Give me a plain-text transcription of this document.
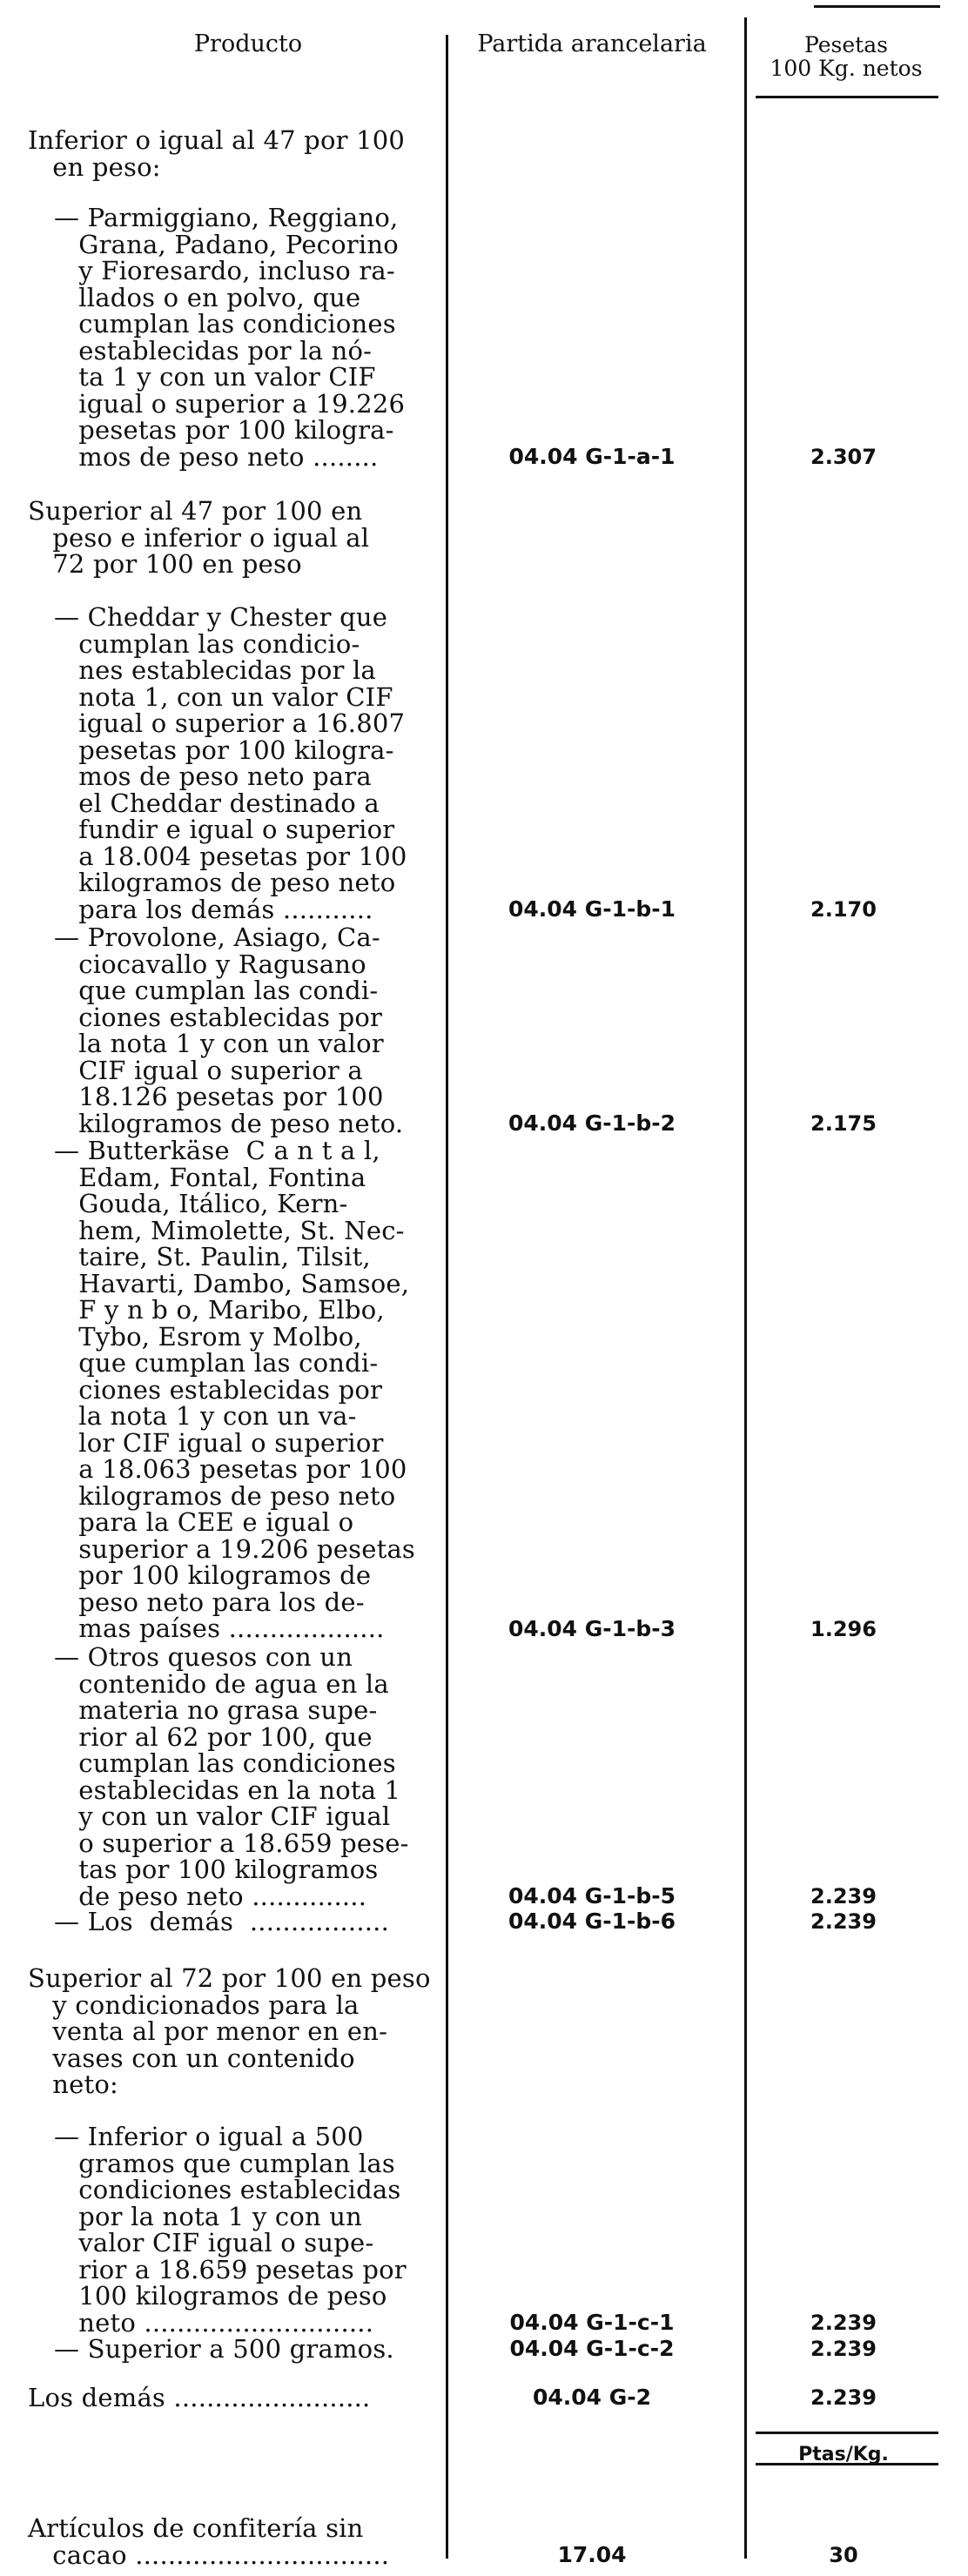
Producto	Partida arancelaria	Pesetas
100 Kg. netos
Inferior o igual al 47 por 100
en peso:
— Parmiggiano, Reggiano,
Grana, Padano, Pecorino
y Fioresardo, incluso ra-
llados o en polvo, que
cumplan las condiciones
establecidas por la nó-
ta 1 y con un valor CIF
igual o superior a 19.226
pesetas por 100 kilogra-
mos de peso neto ........	04.04 G-1-a-1	2.307
Superior al 47 por 100 en
peso e inferior o igual al
72 por 100 en peso
— Cheddar y Chester que
cumplan las condicio-
nes establecidas por la
nota 1, con un valor CIF
igual o superior a 16.807
pesetas por 100 kilogra-
mos de peso neto para
el Cheddar destinado a
fundir e igual o superior
a 18.004 pesetas por 100
kilogramos de peso neto
para los demás ...........	04.04 G-1-b-1	2.170
— Provolone, Asiago, Ca-
ciocavallo y Ragusano
que cumplan las condi-
ciones establecidas por
la nota 1 y con un valor
CIF igual o superior a
18.126 pesetas por 100
kilogramos de peso neto.	04.04 G-1-b-2	2.175
— Butterkäse  C a n t a l,
Edam, Fontal, Fontina
Gouda, Itálico, Kern-
hem, Mimolette, St. Nec-
taire, St. Paulin, Tilsit,
Havarti, Dambo, Samsoe,
F y n b o, Maribo, Elbo,
Tybo, Esrom y Molbo,
que cumplan las condi-
ciones establecidas por
la nota 1 y con un va-
lor CIF igual o superior
a 18.063 pesetas por 100
kilogramos de peso neto
para la CEE e igual o
superior a 19.206 pesetas
por 100 kilogramos de
peso neto para los de-
mas países ...................	04.04 G-1-b-3	1.296
— Otros quesos con un
contenido de agua en la
materia no grasa supe-
rior al 62 por 100, que
cumplan las condiciones
establecidas en la nota 1
y con un valor CIF igual
o superior a 18.659 pese-
tas por 100 kilogramos
de peso neto ..............	04.04 G-1-b-5	2.239
— Los  demás  .................	04.04 G-1-b-6	2.239
Superior al 72 por 100 en peso
y condicionados para la
venta al por menor en en-
vases con un contenido
neto:
— Inferior o igual a 500
gramos que cumplan las
condiciones establecidas
por la nota 1 y con un
valor CIF igual o supe-
rior a 18.659 pesetas por
100 kilogramos de peso
neto ............................	04.04 G-1-c-1	2.239
— Superior a 500 gramos.	04.04 G-1-c-2	2.239
Los demás ........................	04.04 G-2	2.239
Ptas/Kg.
Artículos de confitería sin
cacao ...............................	17.04	30
